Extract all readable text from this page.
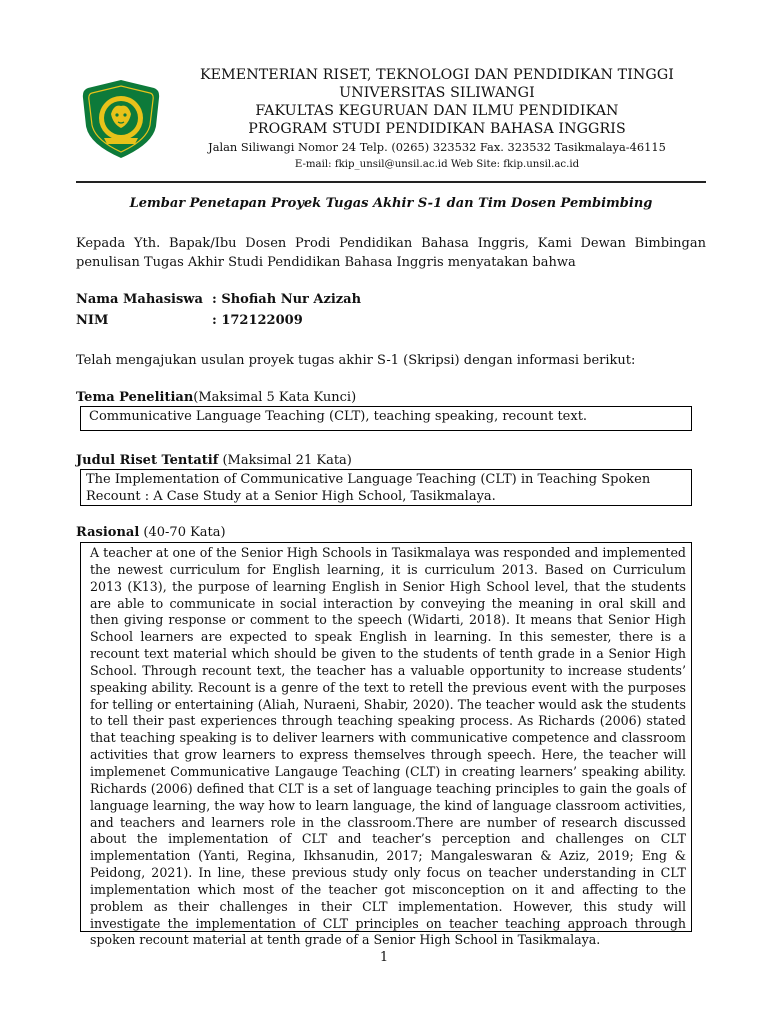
KEMENTERIAN RISET, TEKNOLOGI DAN PENDIDIKAN TINGGI
UNIVERSITAS SILIWANGI
FAKULTAS KEGURUAN DAN ILMU PENDIDIKAN
PROGRAM STUDI PENDIDIKAN BAHASA INGGRIS
Jalan Siliwangi Nomor 24 Telp. (0265) 323532 Fax. 323532 Tasikmalaya-46115
E-mail: fkip_unsil@unsil.ac.id Web Site: fkip.unsil.ac.id
Lembar Penetapan Proyek Tugas Akhir S-1 dan Tim Dosen Pembimbing
Kepada Yth. Bapak/Ibu Dosen Prodi Pendidikan Bahasa Inggris, Kami Dewan Bimbingan penulisan Tugas Akhir Studi Pendidikan Bahasa Inggris menyatakan bahwa
Nama Mahasiswa : Shofiah Nur Azizah
NIM	: 172122009
Telah mengajukan usulan proyek tugas akhir S-1 (Skripsi) dengan informasi berikut:
Tema Penelitian(Maksimal 5 Kata Kunci)
Communicative Language Teaching (CLT), teaching speaking, recount text.
Judul Riset Tentatif (Maksimal 21 Kata)
The Implementation of Communicative Language Teaching (CLT) in Teaching Spoken Recount : A Case Study at a Senior High School, Tasikmalaya.
Rasional (40-70 Kata)
A teacher at one of the Senior High Schools in Tasikmalaya was responded and implemented the newest curriculum for English learning, it is curriculum 2013. Based on Curriculum 2013 (K13), the purpose of learning English in Senior High School level, that the students are able to communicate in social interaction by conveying the meaning in oral skill and then giving response or comment to the speech (Widarti, 2018). It means that Senior High School learners are expected to speak English in learning. In this semester, there is a recount text material which should be given to the students of tenth grade in a Senior High School. Through recount text, the teacher has a valuable opportunity to increase students’ speaking ability. Recount is a genre of the text to retell the previous event with the purposes for telling or entertaining (Aliah, Nuraeni, Shabir, 2020). The teacher would ask the students to tell their past experiences through teaching speaking process. As Richards (2006) stated that teaching speaking is to deliver learners with communicative competence and classroom activities that grow learners to express themselves through speech. Here, the teacher will implemenet Communicative Langauge Teaching (CLT) in creating learners’ speaking ability. Richards (2006) defined that CLT is a set of language teaching principles to gain the goals of language learning, the way how to learn language, the kind of language classroom activities, and teachers and learners role in the classroom.There are number of research discussed about the implementation of CLT and teacher’s perception and challenges on CLT implementation (Yanti, Regina, Ikhsanudin, 2017; Mangaleswaran & Aziz, 2019; Eng & Peidong, 2021). In line, these previous study only focus on teacher understanding in CLT implementation which most of the teacher got misconception on it and affecting to the problem as their challenges in their CLT implementation. However, this study will investigate the implementation of CLT principles on teacher teaching approach through spoken recount material at tenth grade of a Senior High School in Tasikmalaya.
1
